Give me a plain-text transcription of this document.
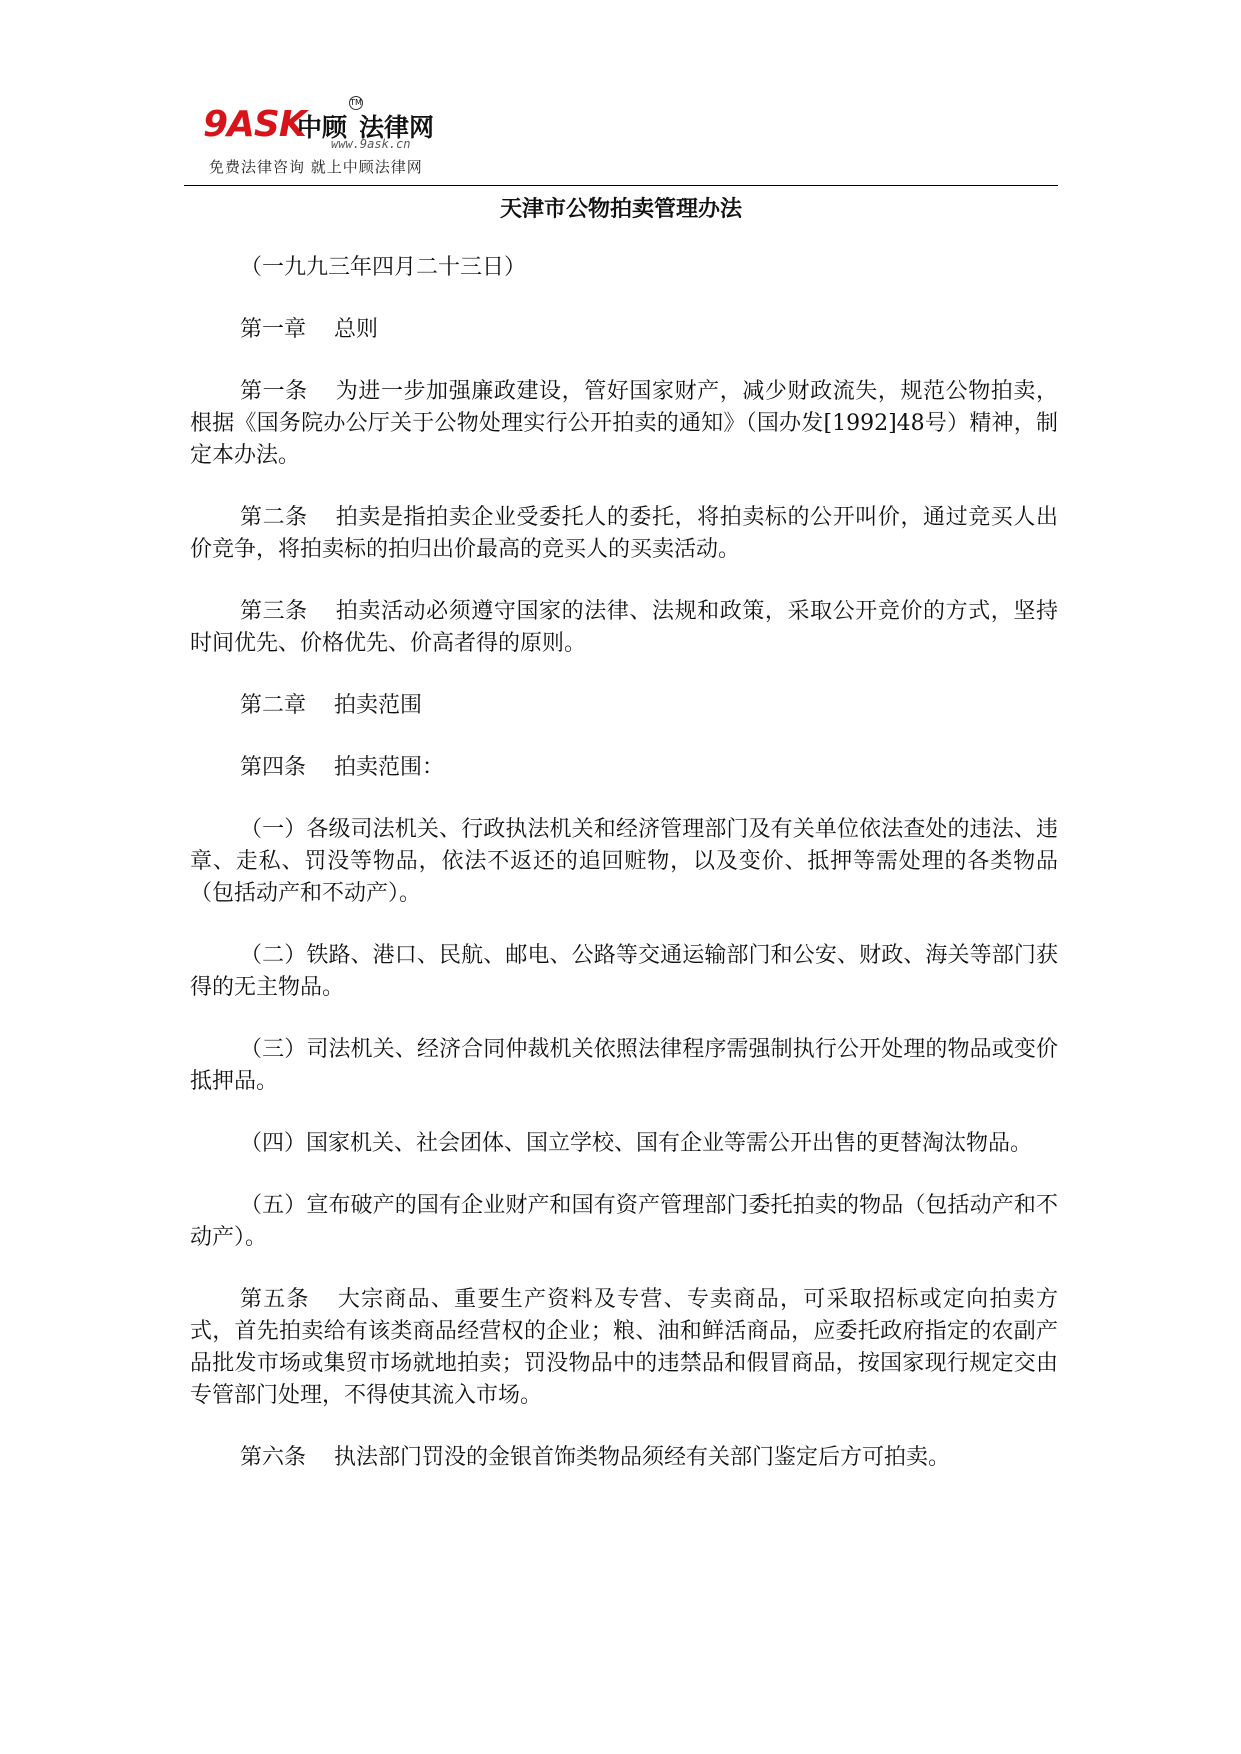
9ASK
中顾 法律网
TM
www.9ask.cn
免费法律咨询 就上中顾法律网
天津市公物拍卖管理办法

（一九九三年四月二十三日）

第一章 总则

第一条 为进一步加强廉政建设，管好国家财产，减少财政流失，规范公物拍卖，根据《国务院办公厅关于公物处理实行公开拍卖的通知》（国办发[1992]48号）精神，制定本办法。

第二条 拍卖是指拍卖企业受委托人的委托，将拍卖标的公开叫价，通过竞买人出价竞争，将拍卖标的拍归出价最高的竞买人的买卖活动。

第三条 拍卖活动必须遵守国家的法律、法规和政策，采取公开竞价的方式，坚持时间优先、价格优先、价高者得的原则。

第二章 拍卖范围

第四条 拍卖范围：

（一）各级司法机关、行政执法机关和经济管理部门及有关单位依法查处的违法、违章、走私、罚没等物品，依法不返还的追回赃物，以及变价、抵押等需处理的各类物品（包括动产和不动产）。

（二）铁路、港口、民航、邮电、公路等交通运输部门和公安、财政、海关等部门获得的无主物品。

（三）司法机关、经济合同仲裁机关依照法律程序需强制执行公开处理的物品或变价抵押品。

（四）国家机关、社会团体、国立学校、国有企业等需公开出售的更替淘汰物品。

（五）宣布破产的国有企业财产和国有资产管理部门委托拍卖的物品（包括动产和不动产）。

第五条 大宗商品、重要生产资料及专营、专卖商品，可采取招标或定向拍卖方式，首先拍卖给有该类商品经营权的企业；粮、油和鲜活商品，应委托政府指定的农副产品批发市场或集贸市场就地拍卖；罚没物品中的违禁品和假冒商品，按国家现行规定交由专管部门处理，不得使其流入市场。

第六条 执法部门罚没的金银首饰类物品须经有关部门鉴定后方可拍卖。
